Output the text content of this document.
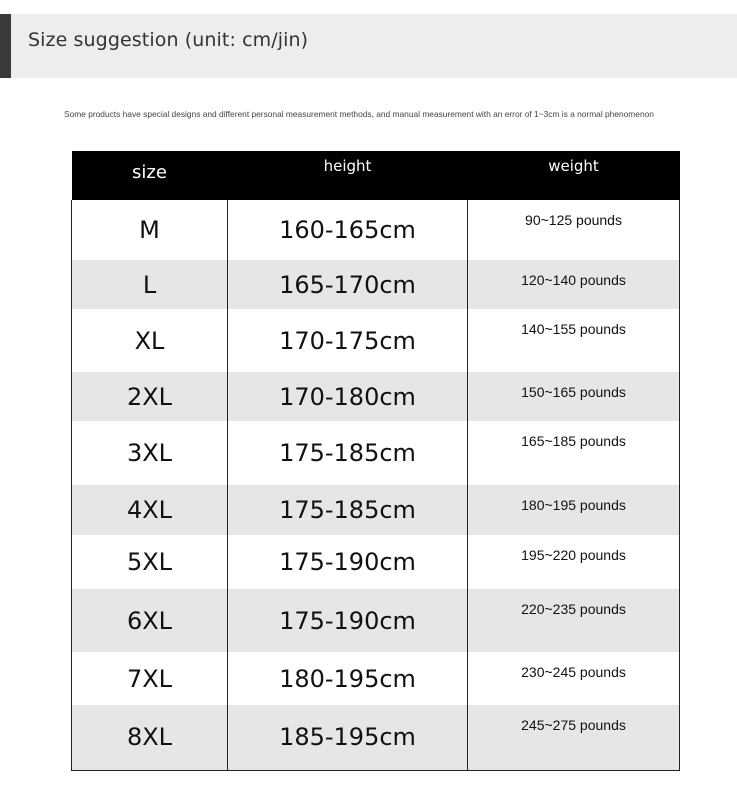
Size suggestion (unit: cm/jin)
Some products have special designs and different personal measurement methods, and manual measurement with an error of 1~3cm is a normal phenomenon
size	height	weight
M	160-165cm	90~125 pounds
L	165-170cm	120~140 pounds
XL	170-175cm	140~155 pounds
2XL	170-180cm	150~165 pounds
3XL	175-185cm	165~185 pounds
4XL	175-185cm	180~195 pounds
5XL	175-190cm	195~220 pounds
6XL	175-190cm	220~235 pounds
7XL	180-195cm	230~245 pounds
8XL	185-195cm	245~275 pounds
